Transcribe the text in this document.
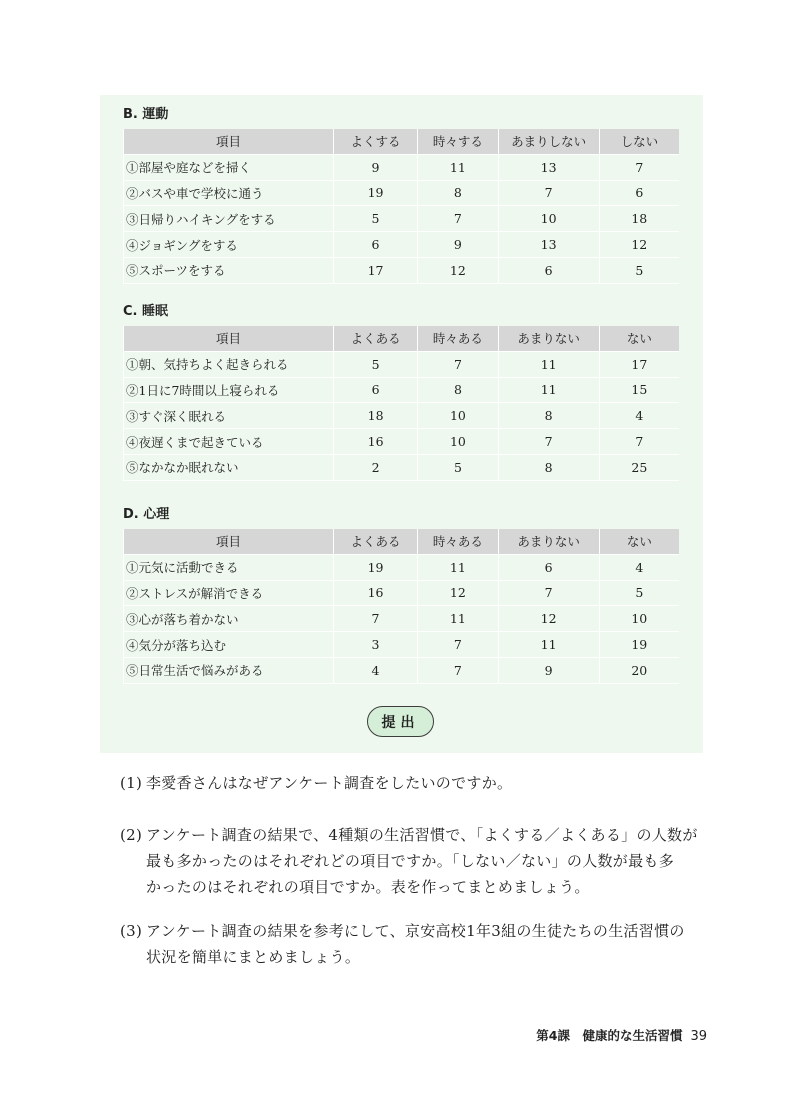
B. 運動
項目	よくする	時々する	あまりしない	しない
①部屋や庭などを掃く	9	11	13	7
②バスや車で学校に通う	19	8	7	6
③日帰りハイキングをする	5	7	10	18
④ジョギングをする	6	9	13	12
⑤スポーツをする	17	12	6	5
C. 睡眠
項目	よくある	時々ある	あまりない	ない
①朝、気持ちよく起きられる	5	7	11	17
②1日に7時間以上寝られる	6	8	11	15
③すぐ深く眠れる	18	10	8	4
④夜遅くまで起きている	16	10	7	7
⑤なかなか眠れない	2	5	8	25
D. 心理
項目	よくある	時々ある	あまりない	ない
①元気に活動できる	19	11	6	4
②ストレスが解消できる	16	12	7	5
③心が落ち着かない	7	11	12	10
④気分が落ち込む	3	7	11	19
⑤日常生活で悩みがある	4	7	9	20
提出
(1) 李愛香さんはなぜアンケート調査をしたいのですか。
(2) アンケート調査の結果で、4種類の生活習慣で、「よくする／よくある」の人数が
最も多かったのはそれぞれどの項目ですか。「しない／ない」の人数が最も多
かったのはそれぞれの項目ですか。表を作ってまとめましょう。
(3) アンケート調査の結果を参考にして、京安高校1年3組の生徒たちの生活習慣の
状況を簡単にまとめましょう。
第4課　健康的な生活習慣 39
